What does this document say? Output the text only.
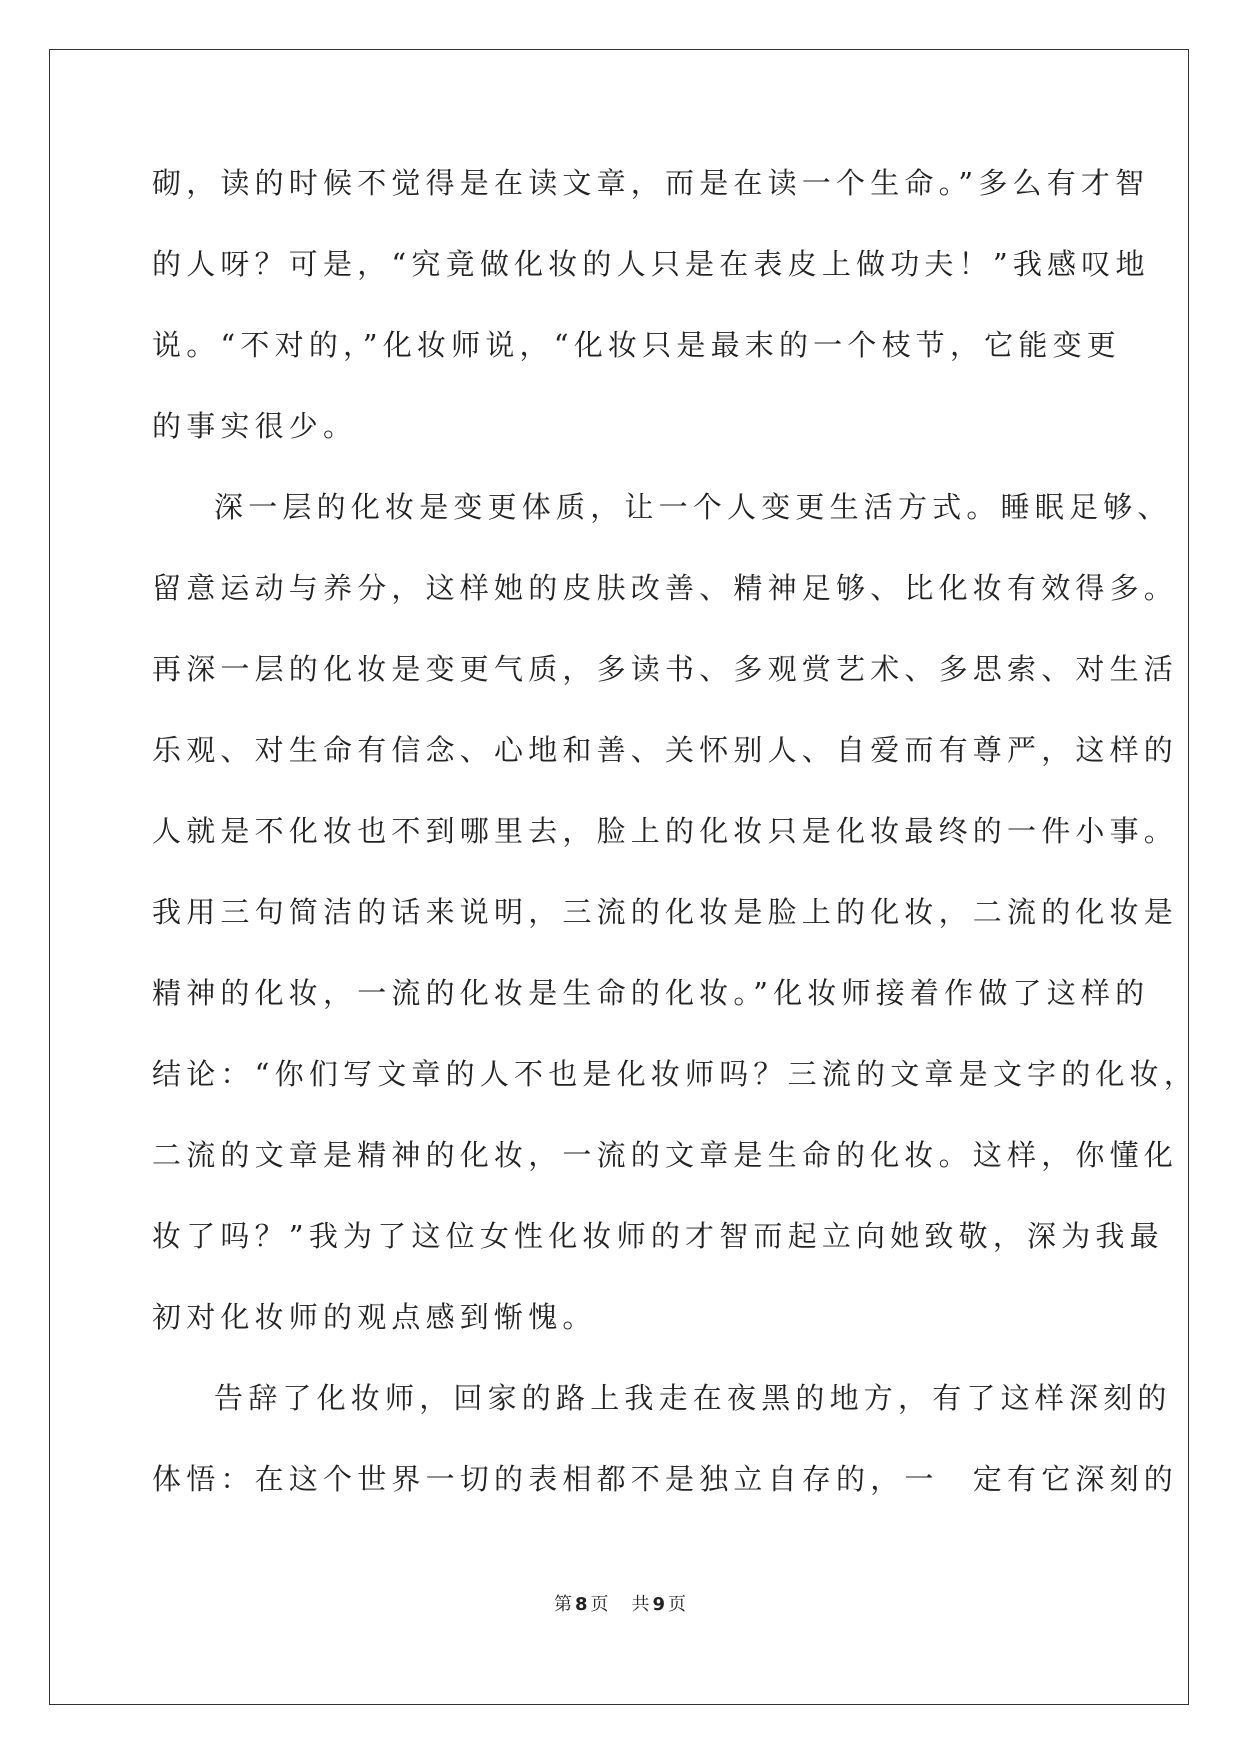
砌，读的时候不觉得是在读文章，而是在读一个生命。”多么有才智
的人呀？可是，“究竟做化妆的人只是在表皮上做功夫！”我感叹地
说。“不对的，”化妆师说，“化妆只是最末的一个枝节，它能变更
的事实很少。
深一层的化妆是变更体质，让一个人变更生活方式。睡眠足够、
留意运动与养分，这样她的皮肤改善、精神足够、比化妆有效得多。
再深一层的化妆是变更气质，多读书、多观赏艺术、多思索、对生活
乐观、对生命有信念、心地和善、关怀别人、自爱而有尊严，这样的
人就是不化妆也不到哪里去，脸上的化妆只是化妆最终的一件小事。
我用三句简洁的话来说明，三流的化妆是脸上的化妆，二流的化妆是
精神的化妆，一流的化妆是生命的化妆。”化妆师接着作做了这样的
结论：“你们写文章的人不也是化妆师吗？三流的文章是文字的化妆，
二流的文章是精神的化妆，一流的文章是生命的化妆。这样，你懂化
妆了吗？”我为了这位女性化妆师的才智而起立向她致敬，深为我最
初对化妆师的观点感到惭愧。
告辞了化妆师，回家的路上我走在夜黑的地方，有了这样深刻的
体悟：在这个世界一切的表相都不是独立自存的，一　定有它深刻的
第 8 页 共 9 页
